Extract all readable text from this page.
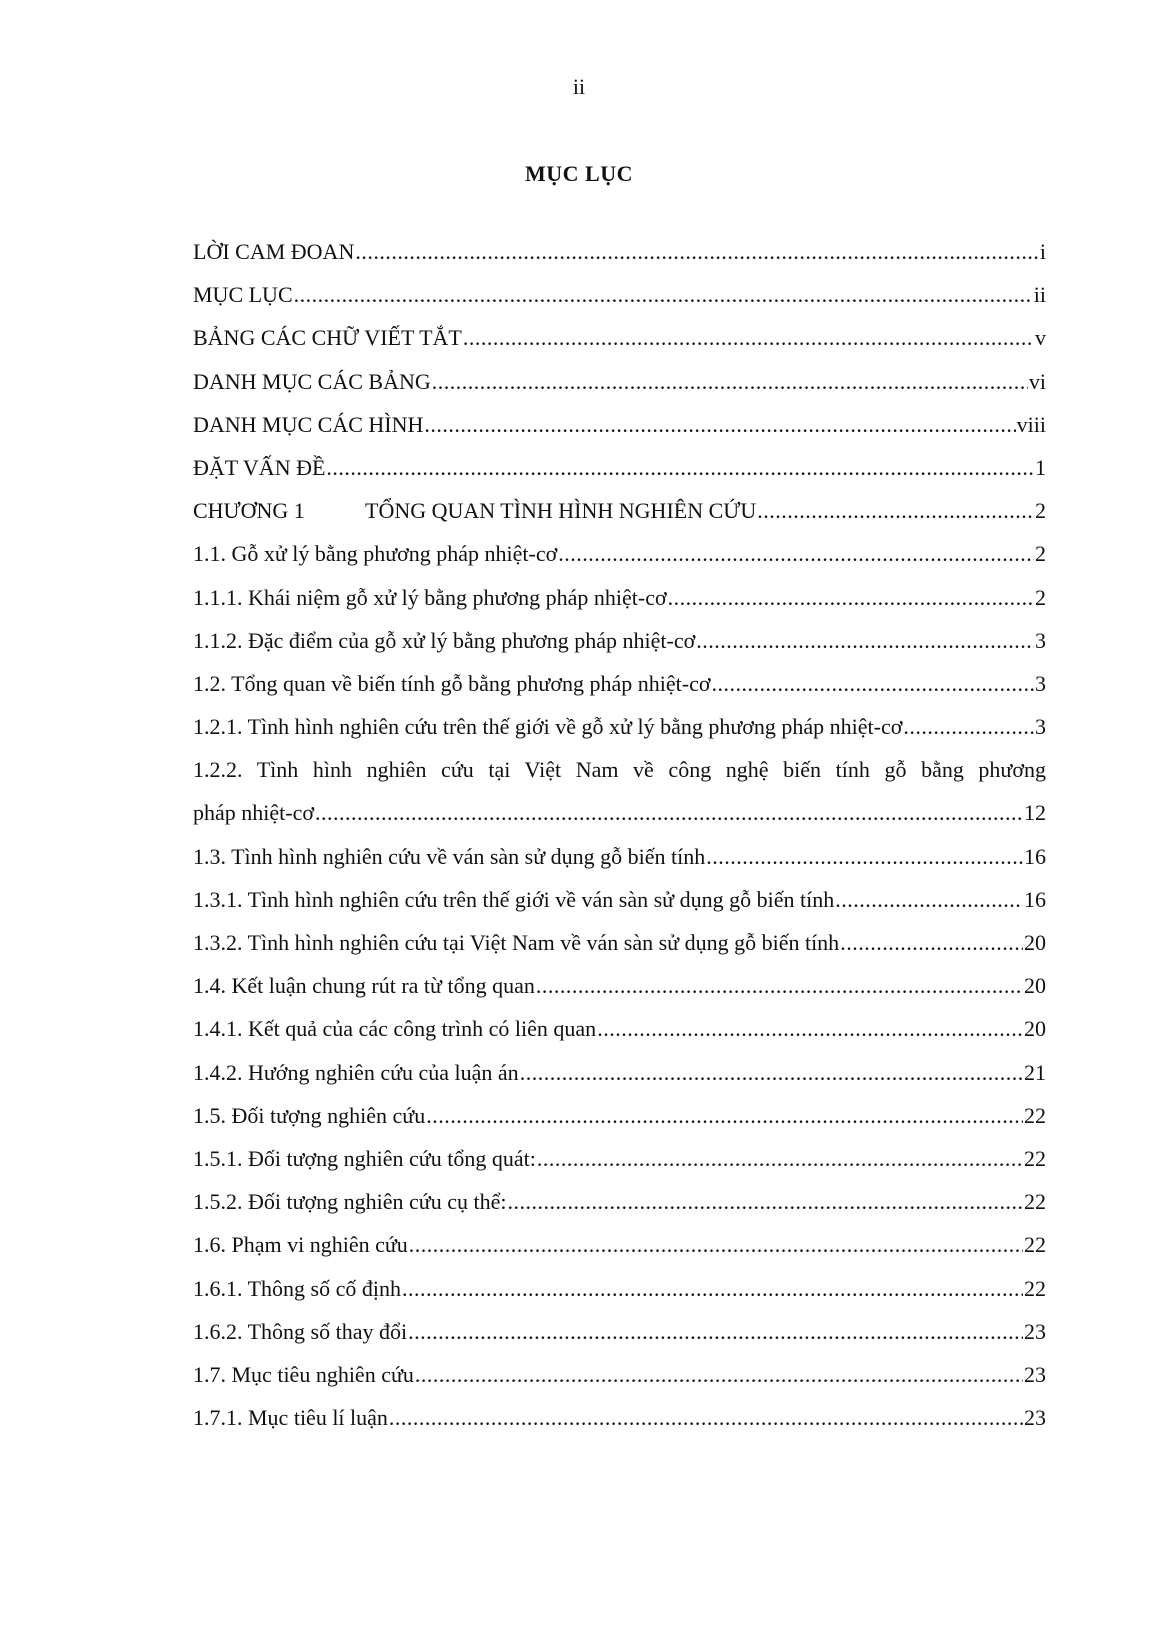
ii
MỤC LỤC
LỜI CAM ĐOAN .....	i
MỤC LỤC .....	ii
BẢNG CÁC CHỮ VIẾT TẮT .....	v
DANH MỤC CÁC BẢNG .....	vi
DANH MỤC CÁC HÌNH .....	viii
ĐẶT VẤN ĐỀ .....	1
CHƯƠNG 1	TỔNG QUAN TÌNH HÌNH NGHIÊN CỨU .....	2
1.1. Gỗ xử lý bằng phương pháp nhiệt-cơ .....	2
1.1.1. Khái niệm gỗ xử lý bằng phương pháp nhiệt-cơ .....	2
1.1.2. Đặc điểm của gỗ xử lý bằng phương pháp nhiệt-cơ .....	3
1.2. Tổng quan về biến tính gỗ bằng phương pháp nhiệt-cơ .....	3
1.2.1. Tình hình nghiên cứu trên thế giới về gỗ xử lý bằng phương pháp nhiệt-cơ .....	3
1.2.2. Tình hình nghiên cứu tại Việt Nam về công nghệ biến tính gỗ bằng phương
pháp nhiệt-cơ .....	12
1.3. Tình hình nghiên cứu về ván sàn sử dụng gỗ biến tính .....	16
1.3.1. Tình hình nghiên cứu trên thế giới về ván sàn sử dụng gỗ biến tính .....	16
1.3.2. Tình hình nghiên cứu tại Việt Nam về ván sàn sử dụng gỗ biến tính .....	20
1.4. Kết luận chung rút ra từ tổng quan .....	20
1.4.1. Kết quả của các công trình có liên quan .....	20
1.4.2. Hướng nghiên cứu của luận án .....	21
1.5. Đối tượng nghiên cứu .....	22
1.5.1. Đối tượng nghiên cứu tổng quát: .....	22
1.5.2. Đối tượng nghiên cứu cụ thể: .....	22
1.6. Phạm vi nghiên cứu .....	22
1.6.1. Thông số cố định .....	22
1.6.2. Thông số thay đổi .....	23
1.7. Mục tiêu nghiên cứu .....	23
1.7.1. Mục tiêu lí luận .....	23
